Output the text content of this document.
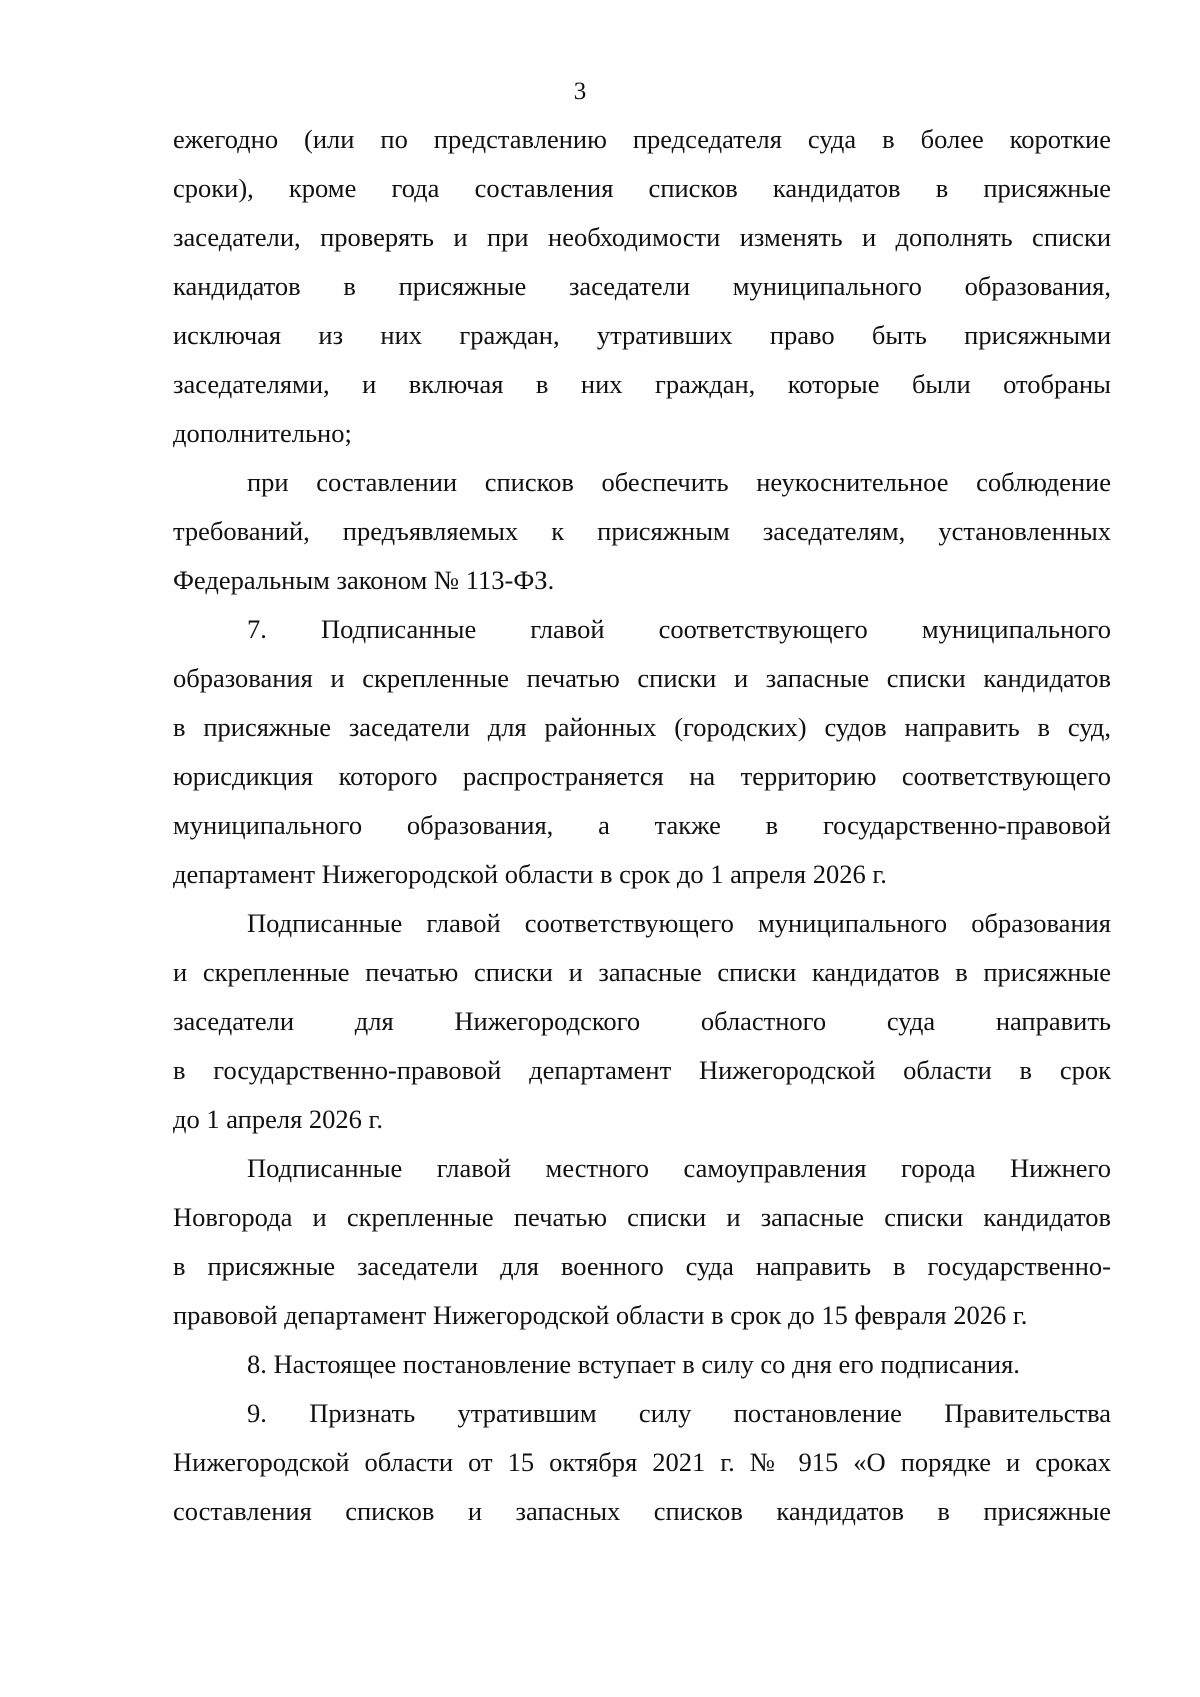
3
ежегодно (или по представлению председателя суда в более короткие
сроки), кроме года составления списков кандидатов в присяжные
заседатели, проверять и при необходимости изменять и дополнять списки
кандидатов в присяжные заседатели муниципального образования,
исключая из них граждан, утративших право быть присяжными
заседателями, и включая в них граждан, которые были отобраны
дополнительно;
при составлении списков обеспечить неукоснительное соблюдение
требований, предъявляемых к присяжным заседателям, установленных
Федеральным законом № 113-ФЗ.
7. Подписанные главой соответствующего муниципального
образования и скрепленные печатью списки и запасные списки кандидатов
в присяжные заседатели для районных (городских) судов направить в суд,
юрисдикция которого распространяется на территорию соответствующего
муниципального образования, а также в государственно-правовой
департамент Нижегородской области в срок до 1 апреля 2026 г.
Подписанные главой соответствующего муниципального образования
и скрепленные печатью списки и запасные списки кандидатов в присяжные
заседатели для Нижегородского областного суда направить
в государственно-правовой департамент Нижегородской области в срок
до 1 апреля 2026 г.
Подписанные главой местного самоуправления города Нижнего
Новгорода и скрепленные печатью списки и запасные списки кандидатов
в присяжные заседатели для военного суда направить в государственно-
правовой департамент Нижегородской области в срок до 15 февраля 2026 г.
8. Настоящее постановление вступает в силу со дня его подписания.
9. Признать утратившим силу постановление Правительства
Нижегородской области от 15 октября 2021 г. № 915 «О порядке и сроках
составления списков и запасных списков кандидатов в присяжные
